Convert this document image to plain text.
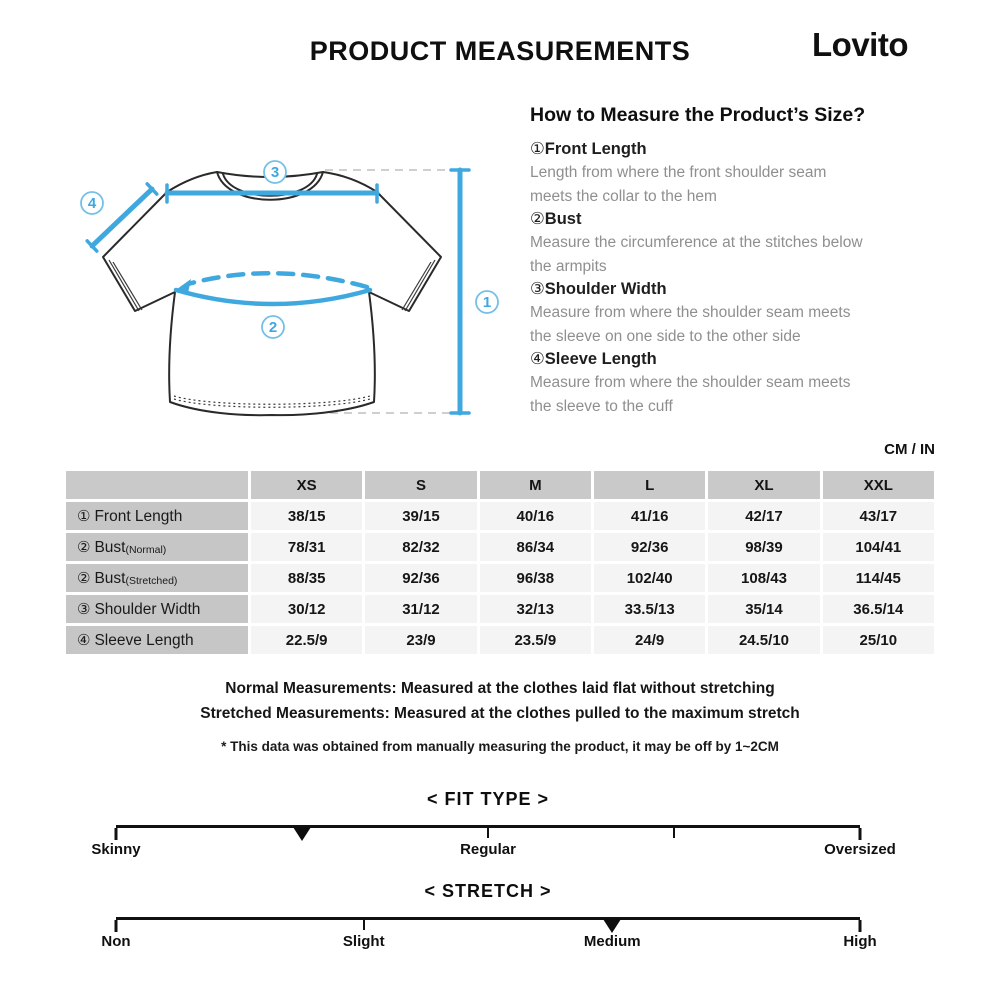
PRODUCT MEASUREMENTS	Lovito
3
4
2
1
How to Measure the Product’s Size?
①Front Length
Length from where the front shoulder seam
meets the collar to the hem
②Bust
Measure the circumference at the stitches below
the armpits
③Shoulder Width
Measure from where the shoulder seam meets
the sleeve on one side to the other side
④Sleeve Length
Measure from where the shoulder seam meets
the sleeve to the cuff
CM / IN
	XS	S	M	L	XL	XXL
① Front Length	38/15	39/15	40/16	41/16	42/17	43/17
② Bust(Normal)	78/31	82/32	86/34	92/36	98/39	104/41
② Bust(Stretched)	88/35	92/36	96/38	102/40	108/43	114/45
③ Shoulder Width	30/12	31/12	32/13	33.5/13	35/14	36.5/14
④ Sleeve Length	22.5/9	23/9	23.5/9	24/9	24.5/10	25/10
Normal Measurements: Measured at the clothes laid flat without stretching
Stretched Measurements: Measured at the clothes pulled to the maximum stretch
* This data was obtained from manually measuring the product, it may be off by 1~2CM
< FIT TYPE >
Skinny	Regular	Oversized
< STRETCH >
Non	Slight	Medium	High
